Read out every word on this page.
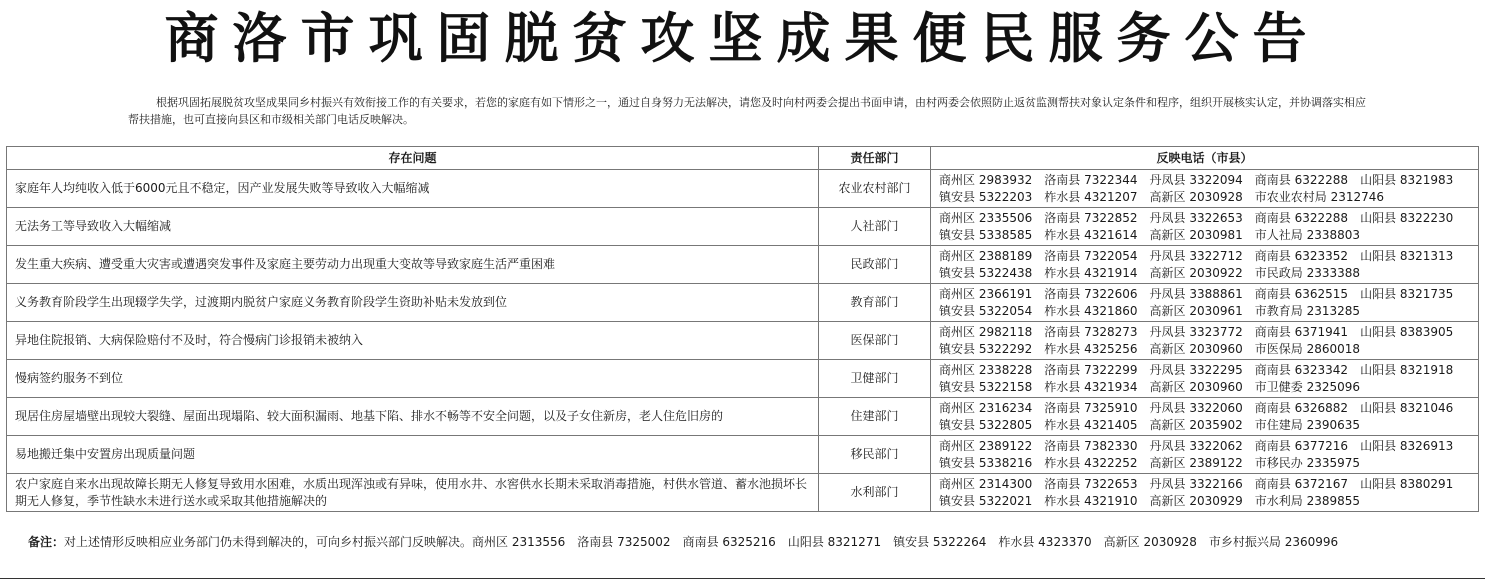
商洛市巩固脱贫攻坚成果便民服务公告
根据巩固拓展脱贫攻坚成果同乡村振兴有效衔接工作的有关要求，若您的家庭有如下情形之一，通过自身努力无法解决，请您及时向村两委会提出书面申请，由村两委会依照防止返贫监测帮扶对象认定条件和程序，组织开展核实认定，并协调落实相应帮扶措施，也可直接向县区和市级相关部门电话反映解决。
存在问题	责任部门	反映电话（市县）
家庭年人均纯收入低于6000元且不稳定，因产业发展失败等导致收入大幅缩减	农业农村部门	商州区 2983932 洛南县 7322344 丹凤县 3322094 商南县 6322288 山阳县 8321983
镇安县 5322203 柞水县 4321207 高新区 2030928 市农业农村局 2312746

无法务工等导致收入大幅缩减	人社部门	商州区 2335506 洛南县 7322852 丹凤县 3322653 商南县 6322288 山阳县 8322230
镇安县 5338585 柞水县 4321614 高新区 2030981 市人社局 2338803

发生重大疾病、遭受重大灾害或遭遇突发事件及家庭主要劳动力出现重大变故等导致家庭生活严重困难	民政部门	商州区 2388189 洛南县 7322054 丹凤县 3322712 商南县 6323352 山阳县 8321313
镇安县 5322438 柞水县 4321914 高新区 2030922 市民政局 2333388

义务教育阶段学生出现辍学失学，过渡期内脱贫户家庭义务教育阶段学生资助补贴未发放到位	教育部门	商州区 2366191 洛南县 7322606 丹凤县 3388861 商南县 6362515 山阳县 8321735
镇安县 5322054 柞水县 4321860 高新区 2030961 市教育局 2313285

异地住院报销、大病保险赔付不及时，符合慢病门诊报销未被纳入	医保部门	商州区 2982118 洛南县 7328273 丹凤县 3323772 商南县 6371941 山阳县 8383905
镇安县 5322292 柞水县 4325256 高新区 2030960 市医保局 2860018

慢病签约服务不到位	卫健部门	商州区 2338228 洛南县 7322299 丹凤县 3322295 商南县 6323342 山阳县 8321918
镇安县 5322158 柞水县 4321934 高新区 2030960 市卫健委 2325096

现居住房屋墙壁出现较大裂缝、屋面出现塌陷、较大面积漏雨、地基下陷、排水不畅等不安全问题，以及子女住新房，老人住危旧房的	住建部门	商州区 2316234 洛南县 7325910 丹凤县 3322060 商南县 6326882 山阳县 8321046
镇安县 5322805 柞水县 4321405 高新区 2035902 市住建局 2390635

易地搬迁集中安置房出现质量问题	移民部门	商州区 2389122 洛南县 7382330 丹凤县 3322062 商南县 6377216 山阳县 8326913
镇安县 5338216 柞水县 4322252 高新区 2389122 市移民办 2335975

农户家庭自来水出现故障长期无人修复导致用水困难，水质出现浑浊或有异味，使用水井、水窖供水长期未采取消毒措施，村供水管道、蓄水池损坏长期无人修复，季节性缺水未进行送水或采取其他措施解决的	水利部门	商州区 2314300 洛南县 7322653 丹凤县 3322166 商南县 6372167 山阳县 8380291
镇安县 5322021 柞水县 4321910 高新区 2030929 市水利局 2389855
备注：对上述情形反映相应业务部门仍未得到解决的，可向乡村振兴部门反映解决。商州区 2313556 洛南县 7325002 商南县 6325216 山阳县 8321271 镇安县 5322264 柞水县 4323370 高新区 2030928 市乡村振兴局 2360996
